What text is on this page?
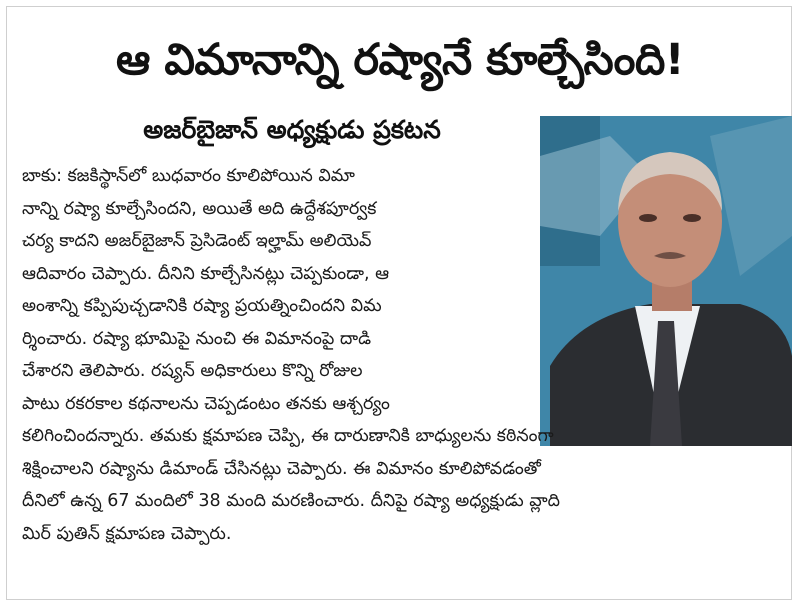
ఆ విమానాన్ని రష్యానే కూల్చేసింది!
అజర్‌బైజాన్ అధ్యక్షుడు ప్రకటన
బాకు: కజకిస్థాన్‌లో బుధవారం కూలిపోయిన విమా
నాన్ని రష్యా కూల్చేసిందని, అయితే అది ఉద్దేశపూర్వక
చర్య కాదని అజర్‌బైజాన్ ప్రెసిడెంట్ ఇల్హామ్ అలియెవ్
ఆదివారం చెప్పారు. దీనిని కూల్చేసినట్లు చెప్పకుండా, ఆ
అంశాన్ని కప్పిపుచ్చడానికి రష్యా ప్రయత్నించిందని విమ
ర్శించారు. రష్యా భూమిపై నుంచి ఈ విమానంపై దాడి
చేశారని తెలిపారు. రష్యన్ అధికారులు కొన్ని రోజుల
పాటు రకరకాల కథనాలను చెప్పడంటం తనకు ఆశ్చర్యం
కలిగించిందన్నారు. తమకు క్షమాపణ చెప్పి, ఈ దారుణానికి బాధ్యులను కఠినంగా
శిక్షించాలని రష్యాను డిమాండ్ చేసినట్లు చెప్పారు. ఈ విమానం కూలిపోవడంతో
దీనిలో ఉన్న 67 మందిలో 38 మంది మరణించారు. దీనిపై రష్యా అధ్యక్షుడు వ్లాది
మిర్ పుతిన్ క్షమాపణ చెప్పారు.
